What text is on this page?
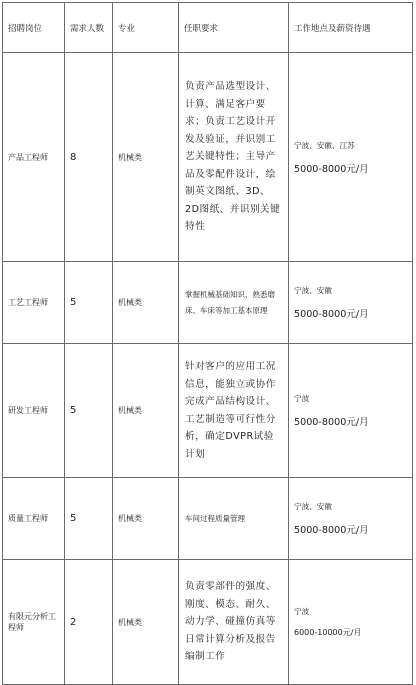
招聘岗位	需求人数	专业	任职要求	工作地点及薪资待遇
产品工程师	8	机械类	负责产品选型设计、计算、满足客户要求；负责工艺设计开发及验证，并识别工艺关键特性；主导产品及零配件设计，绘制英文图纸、3D、2D图纸、并识别关键特性	宁波、安徽、江苏
5000-8000元/月

工艺工程师	5	机械类	掌握机械基础知识，熟悉磨床、车床等加工基本原理	宁波、安徽
5000-8000元/月

研发工程师	5	机械类	针对客户的应用工况信息，能独立或协作完成产品结构设计、工艺制造等可行性分析，确定DVPR试验计划	宁波
5000-8000元/月

质量工程师	5	机械类	车间过程质量管理	宁波、安徽
5000-8000元/月

有限元分析工程师	2	机械类	负责零部件的强度、刚度、模态、耐久、动力学、碰撞仿真等日常计算分析及报告编制工作	宁波
6000-10000元/月
